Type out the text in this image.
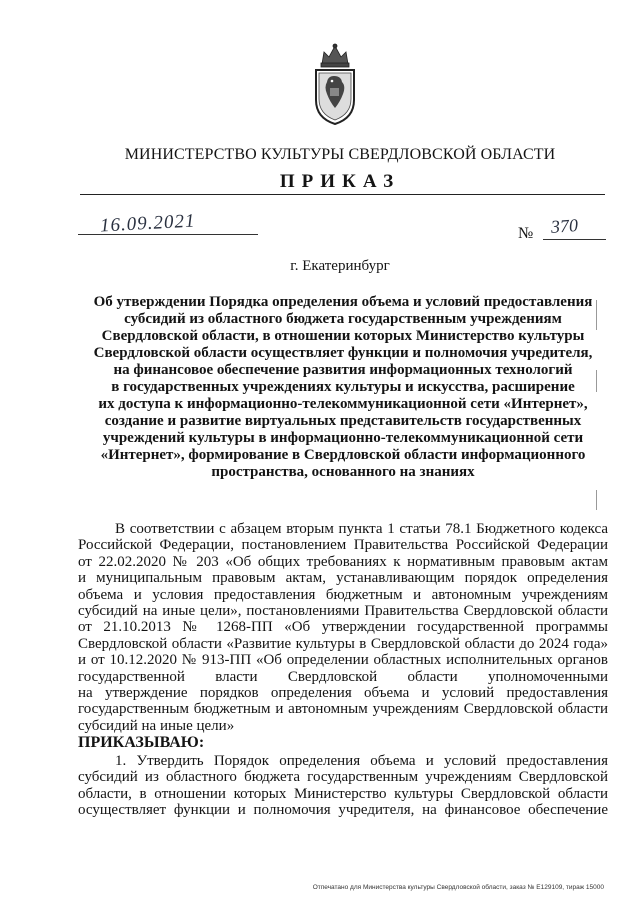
МИНИСТЕРСТВО КУЛЬТУРЫ СВЕРДЛОВСКОЙ ОБЛАСТИ
ПРИКАЗ
16.09.2021	№ 370
г. Екатеринбург
Об утверждении Порядка определения объема и условий предоставления
субсидий из областного бюджета государственным учреждениям
Свердловской области, в отношении которых Министерство культуры
Свердловской области осуществляет функции и полномочия учредителя,
на финансовое обеспечение развития информационных технологий
в государственных учреждениях культуры и искусства, расширение
их доступа к информационно-телекоммуникационной сети «Интернет»,
создание и развитие виртуальных представительств государственных
учреждений культуры в информационно-телекоммуникационной сети
«Интернет», формирование в Свердловской области информационного
пространства, основанного на знаниях
В соответствии с абзацем вторым пункта 1 статьи 78.1 Бюджетного кодекса
Российской Федерации, постановлением Правительства Российской Федерации
от 22.02.2020 № 203 «Об общих требованиях к нормативным правовым актам
и муниципальным правовым актам, устанавливающим порядок определения
объема и условия предоставления бюджетным и автономным учреждениям
субсидий на иные цели», постановлениями Правительства Свердловской области
от 21.10.2013 № 1268-ПП «Об утверждении государственной программы
Свердловской области «Развитие культуры в Свердловской области до 2024 года»
и от 10.12.2020 № 913-ПП «Об определении областных исполнительных органов
государственной власти Свердловской области уполномоченными
на утверждение порядков определения объема и условий предоставления
государственным бюджетным и автономным учреждениям Свердловской области
субсидий на иные цели»
ПРИКАЗЫВАЮ:
1. Утвердить Порядок определения объема и условий предоставления
субсидий из областного бюджета государственным учреждениям Свердловской
области, в отношении которых Министерство культуры Свердловской области
осуществляет функции и полномочия учредителя, на финансовое обеспечение
Отпечатано для Министерства культуры Свердловской области, заказ № Е129109, тираж 15000
